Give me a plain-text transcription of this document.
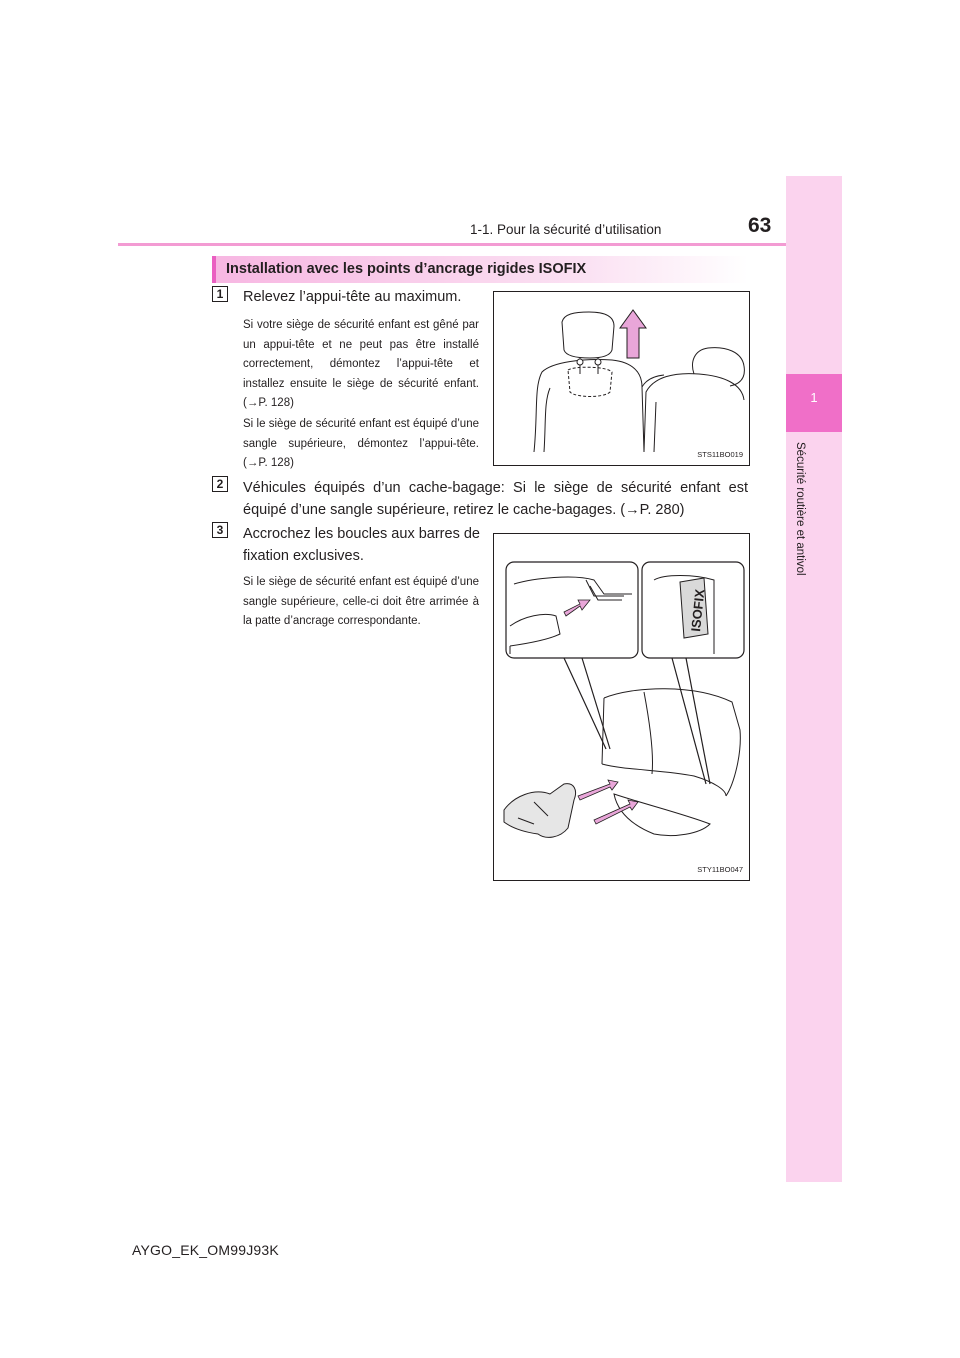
1-1. Pour la sécurité d’utilisation	63
1
Sécurité routière et antivol
Installation avec les points d’ancrage rigides ISOFIX
1	Relevez l’appui-tête au maximum.
Si votre siège de sécurité enfant est gêné par un appui-tête et ne peut pas être installé correctement, démontez l’appui-tête et installez ensuite le siège de sécurité enfant. (→P. 128)
Si le siège de sécurité enfant est équipé d’une sangle supérieure, démontez l’appui-tête. (→P. 128)
STS11BO019
2	Véhicules équipés d’un cache-bagage: Si le siège de sécurité enfant est équipé d’une sangle supérieure, retirez le cache-bagages. (→P. 280)
3	Accrochez les boucles aux barres de fixation exclusives.
Si le siège de sécurité enfant est équipé d’une sangle supérieure, celle-ci doit être arrimée à la patte d’ancrage correspondante.	ISOFIX
STY11BO047
AYGO_EK_OM99J93K
